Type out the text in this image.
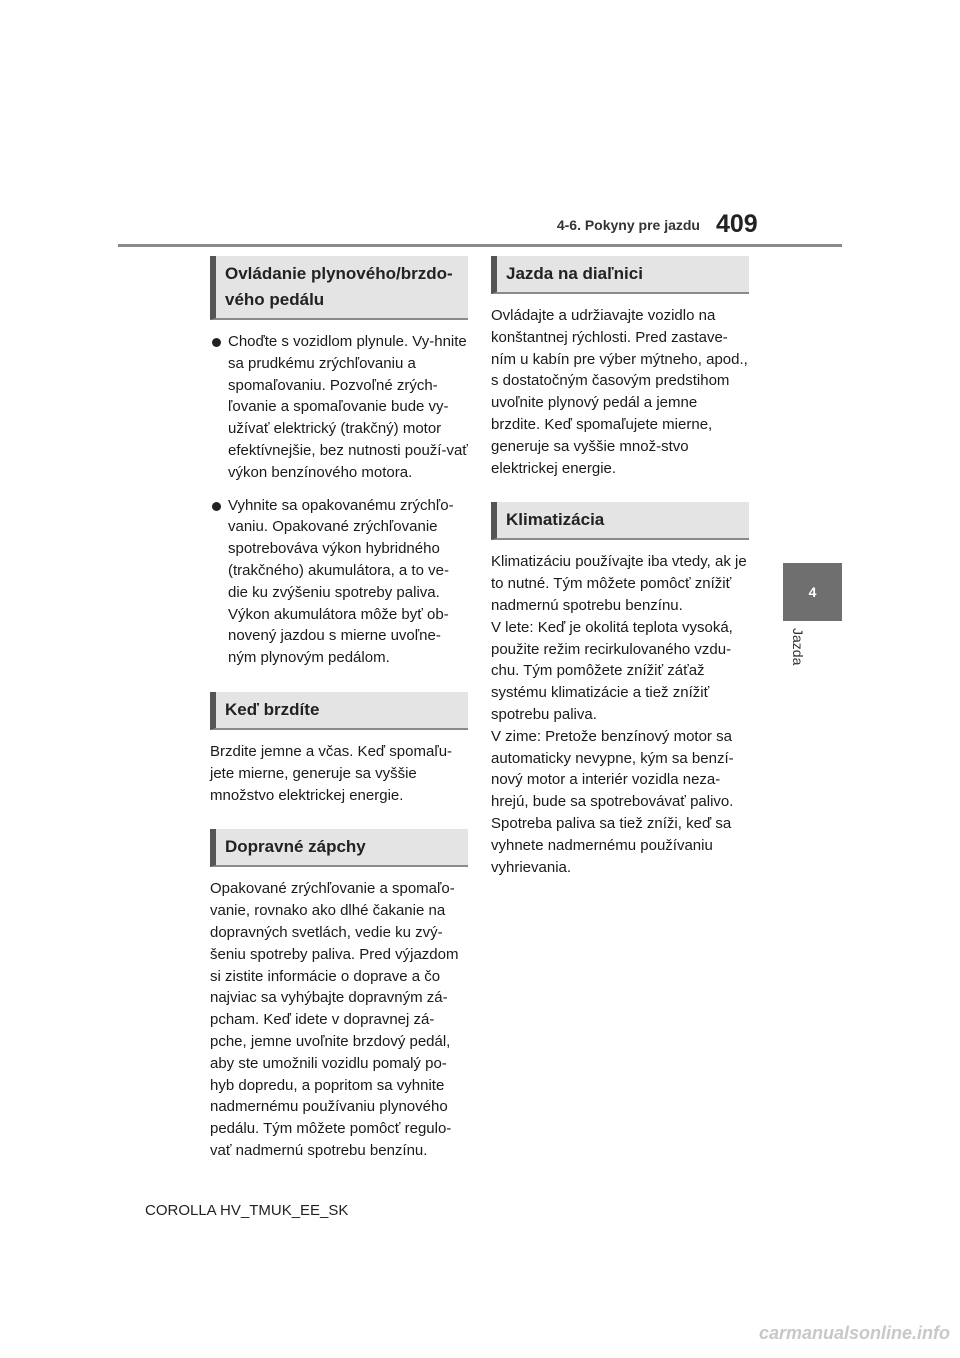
4-6. Pokyny pre jazdu 409
4
Jazda
Ovládanie plynového/brzdo-vého pedálu
Choďte s vozidlom plynule. Vy-hnite sa prudkému zrýchľovaniu a spomaľovaniu. Pozvoľné zrých-ľovanie a spomaľovanie bude vy-užívať elektrický (trakčný) motor efektívnejšie, bez nutnosti použí-vať výkon benzínového motora.
Vyhnite sa opakovanému zrýchľo-vaniu. Opakované zrýchľovanie spotrebováva výkon hybridného (trakčného) akumulátora, a to ve-die ku zvýšeniu spotreby paliva. Výkon akumulátora môže byť ob-novený jazdou s mierne uvoľne-ným plynovým pedálom.
Keď brzdíte

Brzdite jemne a včas. Keď spomaľu-jete mierne, generuje sa vyššie množstvo elektrickej energie.

Dopravné zápchy

Opakované zrýchľovanie a spomaľo-vanie, rovnako ako dlhé čakanie na dopravných svetlách, vedie ku zvý-šeniu spotreby paliva. Pred výjazdom si zistite informácie o doprave a čo najviac sa vyhýbajte dopravným zá-pcham. Keď idete v dopravnej zá-pche, jemne uvoľnite brzdový pedál, aby ste umožnili vozidlu pomalý po-hyb dopredu, a popritom sa vyhnite nadmernému používaniu plynového pedálu. Tým môžete pomôcť regulo-vať nadmernú spotrebu benzínu.

Jazda na diaľnici

Ovládajte a udržiavajte vozidlo na konštantnej rýchlosti. Pred zastave-ním u kabín pre výber mýtneho, apod., s dostatočným časovým predstihom uvoľnite plynový pedál a jemne brzdite. Keď spomaľujete mierne, generuje sa vyššie množ-stvo elektrickej energie.

Klimatizácia

Klimatizáciu používajte iba vtedy, ak je to nutné. Tým môžete pomôcť znížiť nadmernú spotrebu benzínu.

V lete: Keď je okolitá teplota vysoká, použite režim recirkulovaného vzdu-chu. Tým pomôžete znížiť záťaž systému klimatizácie a tiež znížiť spotrebu paliva.

V zime: Pretože benzínový motor sa automaticky nevypne, kým sa benzí-nový motor a interiér vozidla neza-hrejú, bude sa spotrebovávať palivo. Spotreba paliva sa tiež zníži, keď sa vyhnete nadmernému používaniu vyhrievania.

COROLLA HV_TMUK_EE_SK
carmanualsonline.info
